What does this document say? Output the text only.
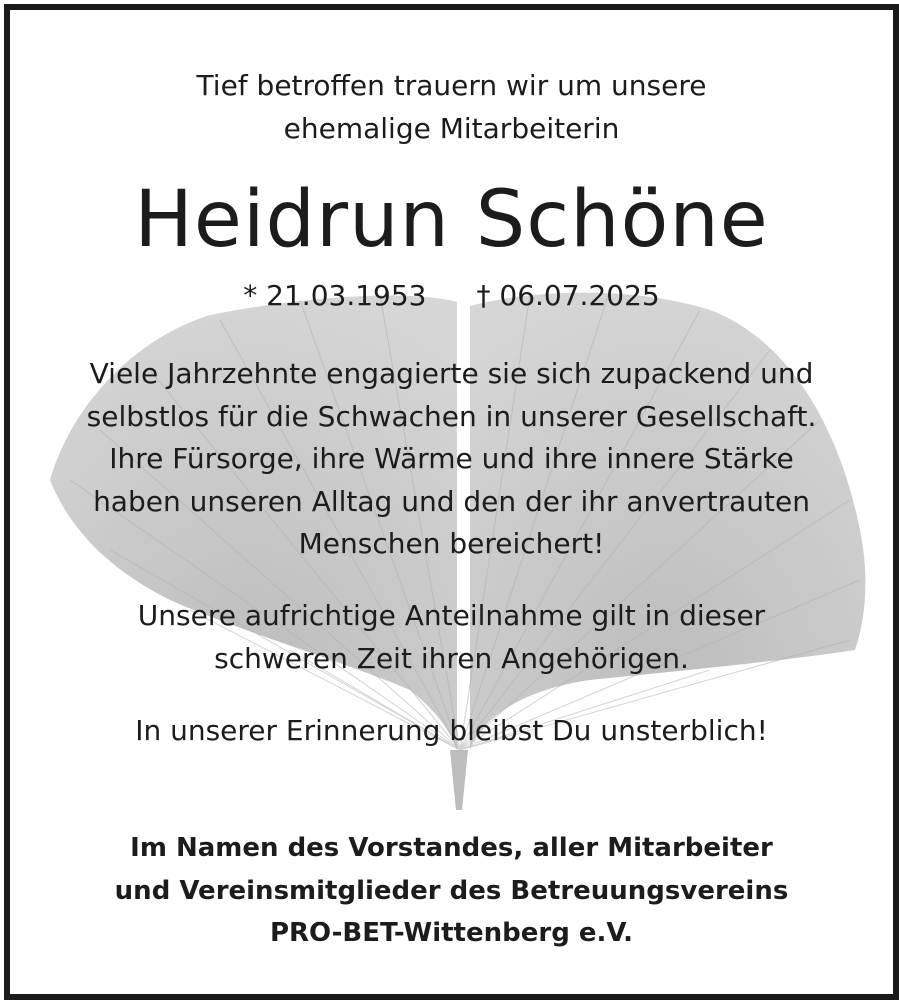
Tief betroffen trauern wir um unsere
ehemalige Mitarbeiterin
Heidrun Schöne
* 21.03.1953 † 06.07.2025
Viele Jahrzehnte engagierte sie sich zupackend und
selbstlos für die Schwachen in unserer Gesellschaft.
Ihre Fürsorge, ihre Wärme und ihre innere Stärke
haben unseren Alltag und den der ihr anvertrauten
Menschen bereichert!
Unsere aufrichtige Anteilnahme gilt in dieser
schweren Zeit ihren Angehörigen.
In unserer Erinnerung bleibst Du unsterblich!
Im Namen des Vorstandes, aller Mitarbeiter
und Vereinsmitglieder des Betreuungsvereins
PRO-BET-Wittenberg e.V.
